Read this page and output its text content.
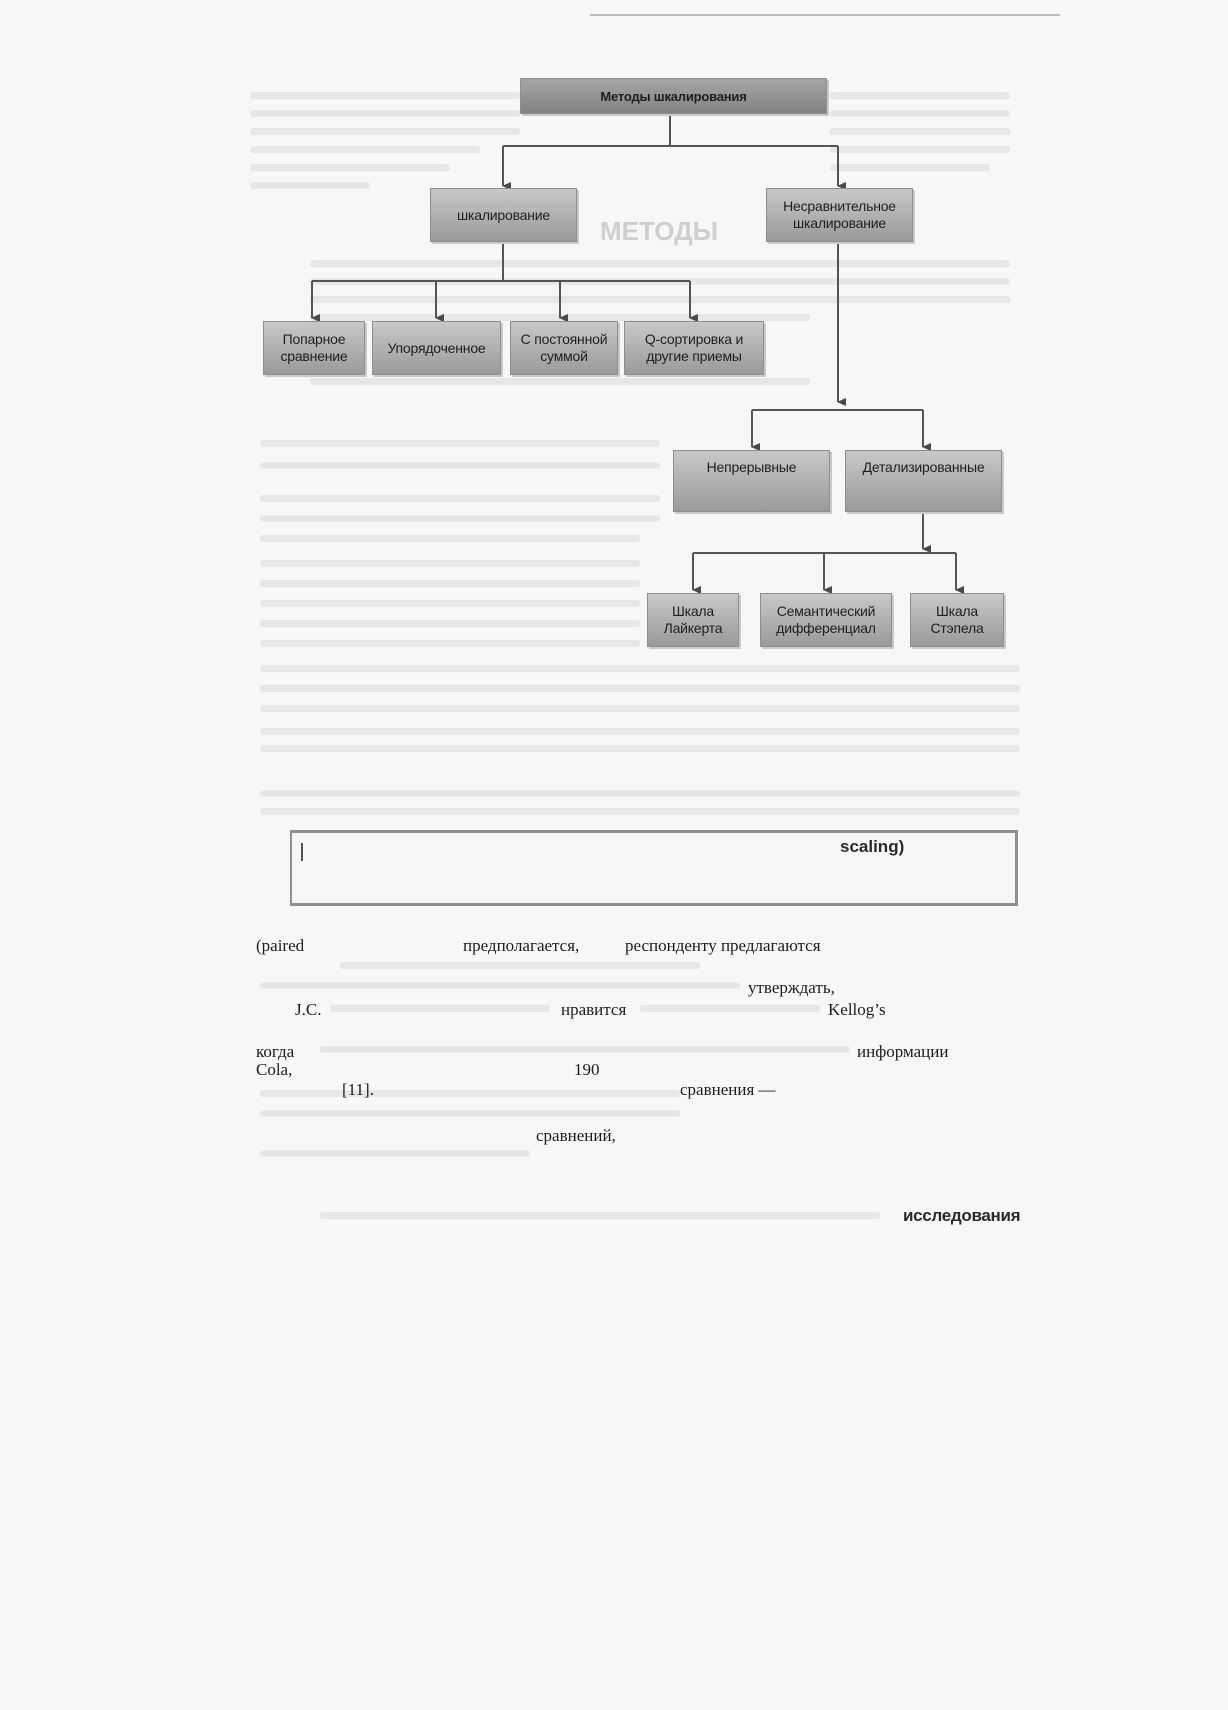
МЕТОДЫ
Методы шкалирования
шкалирование
Несравнительное шкалирование
Попарное сравнение
Упорядоченное
С постоянной суммой
Q-сортировка и другие приемы
Непрерывные	Детализированные
Шкала Лайкерта
Семантический дифференциал
Шкала Стэпела
scaling)
(paired	предполагается,	респонденту предлагаются
утверждать,
J.C.	нравится	Kellog’s
когда	информации
Cola,	190
[11].	сравнения —
сравнений,
исследования
